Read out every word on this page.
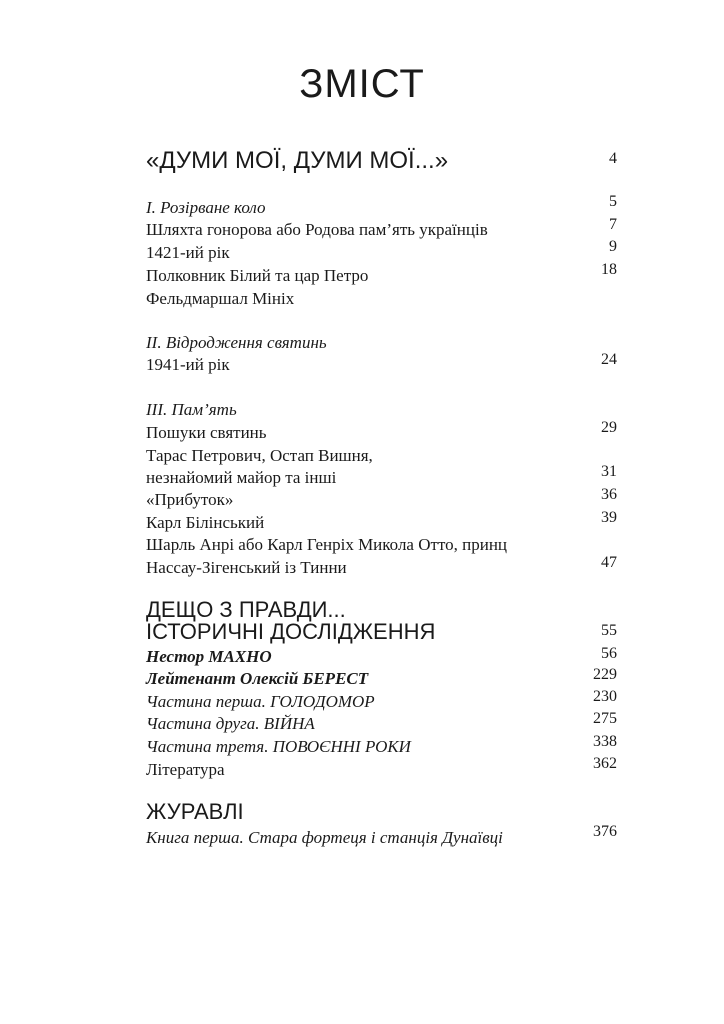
ЗМІСТ
«ДУМИ МОЇ, ДУМИ МОЇ...»	4
І. Розірване коло	5
Шляхта гонорова або Родова пам’ять українців	7
1421-ий рік	9
Полковник Білий та цар Петро	18
Фельдмаршал Мініх
ІІ. Відродження святинь
1941-ий рік	24
ІІІ. Пам’ять
Пошуки святинь	29
Тарас Петрович, Остап Вишня,
незнайомий майор та інші	31
«Прибуток»	36
Карл Білінський	39
Шарль Анрі або Карл Генріх Микола Отто, принц
Нассау-Зігенський із Тинни	47
ДЕЩО З ПРАВДИ...
ІСТОРИЧНІ ДОСЛІДЖЕННЯ	55
Нестор МАХНО	56
Лейтенант Олексій БЕРЕСТ	229
Частина перша. ГОЛОДОМОР	230
Частина друга. ВІЙНА	275
Частина третя. ПОВОЄННІ РОКИ	338
Література	362
ЖУРАВЛІ
Книга перша. Стара фортеця і станція Дунаївці	376
